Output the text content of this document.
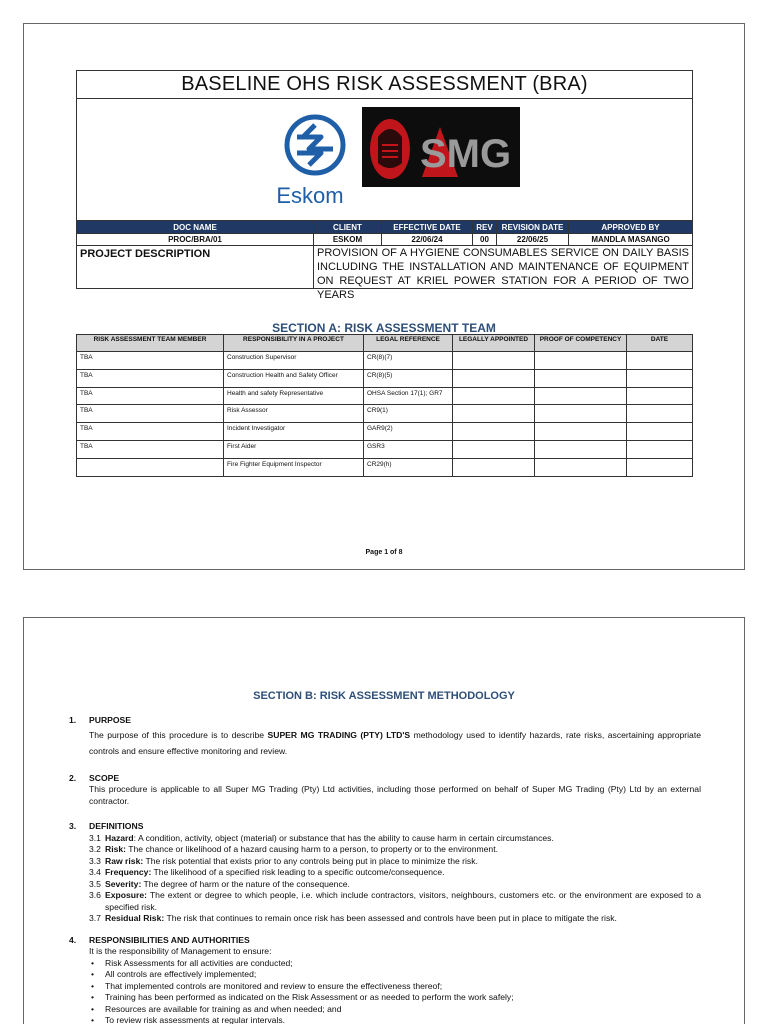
BASELINE OHS RISK ASSESSMENT (BRA)
Eskom
SMG
DOC NAME	CLIENT	EFFECTIVE DATE	REV	REVISION DATE	APPROVED BY
PROC/BRA/01	ESKOM	22/06/24	00	22/06/25	MANDLA MASANGO
PROJECT DESCRIPTION	PROVISION OF A HYGIENE CONSUMABLES SERVICE ON DAILY BASIS INCLUDING THE INSTALLATION AND MAINTENANCE OF EQUIPMENT ON REQUEST AT KRIEL POWER STATION FOR A PERIOD OF TWO YEARS
SECTION A: RISK ASSESSMENT TEAM
RISK ASSESSMENT TEAM MEMBER	RESPONSIBILITY IN A PROJECT	LEGAL REFERENCE	LEGALLY APPOINTED	PROOF OF COMPETENCY	DATE
TBA	Construction Supervisor	CR(8)(7)			
TBA	Construction Health and Safety Officer	CR(8)(5)			
TBA	Health and safety Representative	OHSA Section 17(1); GR7			
TBA	Risk Assessor	CR9(1)			
TBA	Incident Investigator	GAR9(2)			
TBA	First Aider	GSR3			
	Fire Fighter Equipment Inspector	CR29(h)			
Page 1 of 8
SECTION B: RISK ASSESSMENT METHODOLOGY
1. PURPOSE
The purpose of this procedure is to describe SUPER MG TRADING (PTY) LTD'S methodology used to identify hazards, rate risks, ascertaining appropriate controls and ensure effective monitoring and review.
2. SCOPE
This procedure is applicable to all Super MG Trading (Pty) Ltd activities, including those performed on behalf of Super MG Trading (Pty) Ltd by an external contractor.
3. DEFINITIONS
3.1 Hazard: A condition, activity, object (material) or substance that has the ability to cause harm in certain circumstances.
3.2 Risk: The chance or likelihood of a hazard causing harm to a person, to property or to the environment.
3.3 Raw risk: The risk potential that exists prior to any controls being put in place to minimize the risk.
3.4 Frequency: The likelihood of a specified risk leading to a specific outcome/consequence.
3.5 Severity: The degree of harm or the nature of the consequence.
3.6 Exposure: The extent or degree to which people, i.e. which include contractors, visitors, neighbours, customers etc. or the environment are exposed to a specified risk.
3.7 Residual Risk: The risk that continues to remain once risk has been assessed and controls have been put in place to mitigate the risk.
4. RESPONSIBILITIES AND AUTHORITIES
It is the responsibility of Management to ensure:
• Risk Assessments for all activities are conducted;
• All controls are effectively implemented;
• That implemented controls are monitored and review to ensure the effectiveness thereof;
• Training has been performed as indicated on the Risk Assessment or as needed to perform the work safely;
• Resources are available for training as and when needed; and
• To review risk assessments at regular intervals.
